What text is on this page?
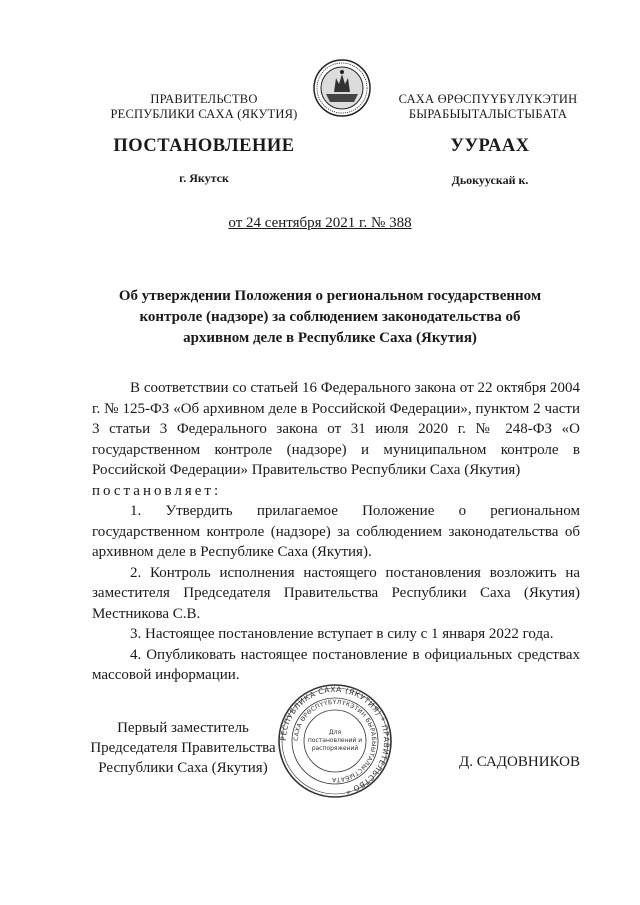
ПРАВИТЕЛЬСТВО
РЕСПУБЛИКИ САХА (ЯКУТИЯ)
САХА ӨРӨСПҮҮБҮЛҮКЭТИН
БЫРАБЫЫТАЛЫСТЫБАТА
ПОСТАНОВЛЕНИЕ	УУРААХ
г. Якутск	Дьокуускай к.
от 24 сентября 2021 г. № 388
Об утверждении Положения о региональном государственном контроле (надзоре) за соблюдением законодательства об архивном деле в Республике Саха (Якутия)

В соответствии со статьей 16 Федерального закона от 22 октября 2004 г. № 125-ФЗ «Об архивном деле в Российской Федерации», пунктом 2 части 3 статьи 3 Федерального закона от 31 июля 2020 г. № 248-ФЗ «О государственном контроле (надзоре) и муниципальном контроле в Российской Федерации» Правительство Республики Саха (Якутия)

постановляет:

1. Утвердить прилагаемое Положение о региональном государственном контроле (надзоре) за соблюдением законодательства об архивном деле в Республике Саха (Якутия).

2. Контроль исполнения настоящего постановления возложить на заместителя Председателя Правительства Республики Саха (Якутия) Местникова С.В.

3. Настоящее постановление вступает в силу с 1 января 2022 года.

4. Опубликовать настоящее постановление в официальных средствах массовой информации.

Первый заместитель
Председателя Правительства
Республики Саха (Якутия)
РЕСПУБЛИКА САХА (ЯКУТИЯ) * ПРАВИТЕЛЬСТВО *
САХА ӨРӨСПҮҮБҮЛҮКЭТИН БЫРАБЫЫТАЛЫСТЫБАТА
Для
постановлений и
распоряжений
Д. САДОВНИКОВ
